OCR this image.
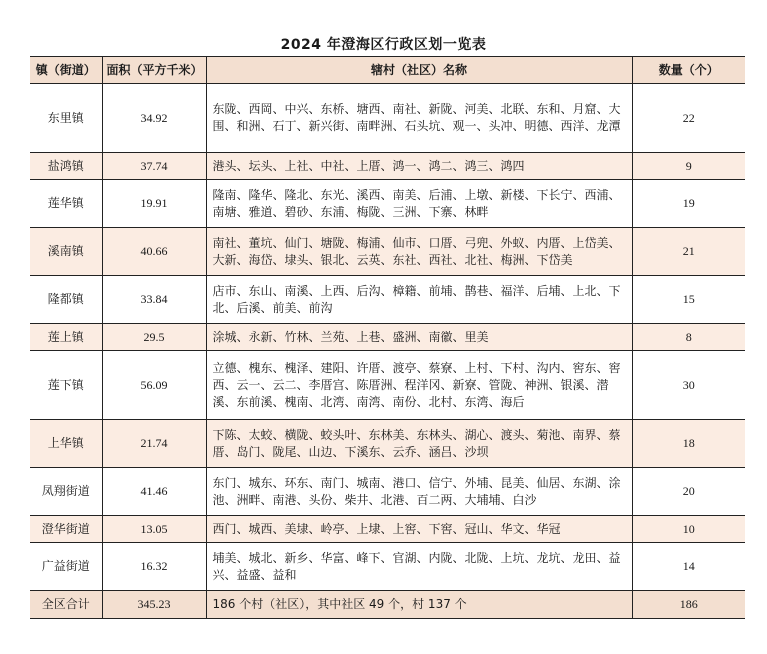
2024 年澄海区行政区划一览表
镇（街道）	面积（平方千米）	辖村（社区）名称	数量（个）
东里镇	34.92	东陇、西岡、中兴、东桥、塘西、南社、新陇、河美、北联、东和、月窟、大围、和洲、石丁、新兴街、南畔洲、石头坑、观一、头冲、明德、西洋、龙潭	22
盐鸿镇	37.74	港头、坛头、上社、中社、上厝、鸿一、鸿二、鸿三、鸿四	9
莲华镇	19.91	隆南、隆华、隆北、东光、溪西、南美、后浦、上墩、新楼、下长宁、西浦、南塘、雅道、碧砂、东浦、梅陇、三洲、下寨、林畔	19
溪南镇	40.66	南社、董坑、仙门、塘陇、梅浦、仙市、口厝、弓兜、外蚁、内厝、上岱美、大新、海岱、埭头、银北、云英、东社、西社、北社、梅洲、下岱美	21
隆都镇	33.84	店市、东山、南溪、上西、后沟、樟籍、前埔、鹊巷、福洋、后埔、上北、下北、后溪、前美、前沟	15
莲上镇	29.5	涂城、永新、竹林、兰苑、上巷、盛洲、南徽、里美	8
莲下镇	56.09	立德、槐东、槐泽、建阳、许厝、渡亭、蔡寮、上村、下村、沟内、窖东、窖西、云一、云二、李厝宫、陈厝洲、程洋冈、新寮、管陇、神洲、银溪、潜溪、东前溪、槐南、北湾、南湾、南份、北村、东湾、海后	30
上华镇	21.74	下陈、太蛟、横陇、蛟头叶、东林美、东林头、湖心、渡头、菊池、南界、蔡厝、岛门、陇尾、山边、下溪东、云乔、涵吕、沙坝	18
凤翔街道	41.46	东门、城东、环东、南门、城南、港口、信宁、外埔、昆美、仙居、东湖、涂池、洲畔、南港、头份、柴井、北港、百二两、大埔埔、白沙	20
澄华街道	13.05	西门、城西、美埭、岭亭、上埭、上窖、下窖、冠山、华文、华冠	10
广益街道	16.32	埔美、城北、新乡、华富、峰下、官湖、内陇、北陇、上坑、龙坑、龙田、益兴、益盛、益和	14
全区合计	345.23	186 个村（社区），其中社区 49 个，村 137 个	186
